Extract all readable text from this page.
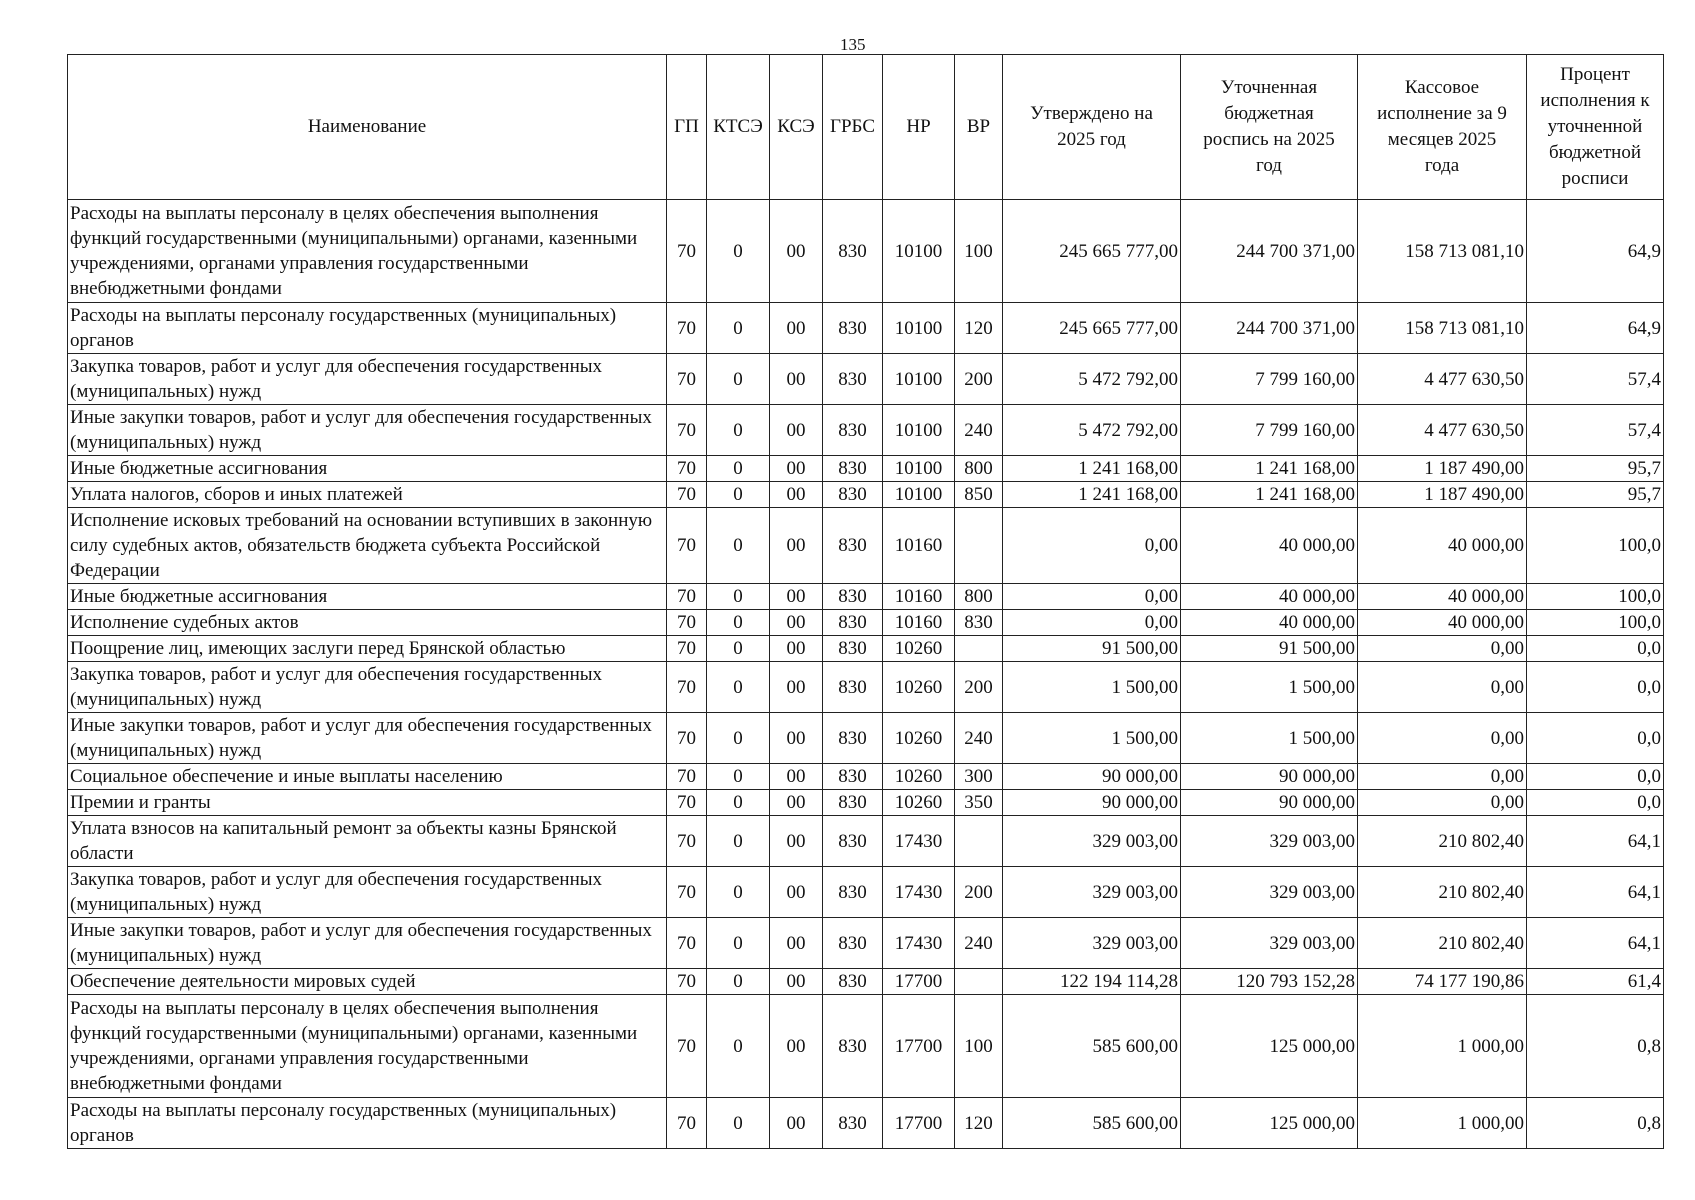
135
Наименование	ГП	КТСЭ	КСЭ	ГРБС	НР	ВР	Утверждено на 2025 год	Уточненная бюджетная роспись на 2025 год	Кассовое исполнение за 9 месяцев 2025 года	Процент исполнения к уточненной бюджетной росписи
Расходы на выплаты персоналу в целях обеспечения выполнения функций государственными (муниципальными) органами, казенными учреждениями, органами управления государственными внебюджетными фондами	70	0	00	830	10100	100	245 665 777,00	244 700 371,00	158 713 081,10	64,9
Расходы на выплаты персоналу государственных (муниципальных) органов	70	0	00	830	10100	120	245 665 777,00	244 700 371,00	158 713 081,10	64,9
Закупка товаров, работ и услуг для обеспечения государственных (муниципальных) нужд	70	0	00	830	10100	200	5 472 792,00	7 799 160,00	4 477 630,50	57,4
Иные закупки товаров, работ и услуг для обеспечения государственных (муниципальных) нужд	70	0	00	830	10100	240	5 472 792,00	7 799 160,00	4 477 630,50	57,4
Иные бюджетные ассигнования	70	0	00	830	10100	800	1 241 168,00	1 241 168,00	1 187 490,00	95,7
Уплата налогов, сборов и иных платежей	70	0	00	830	10100	850	1 241 168,00	1 241 168,00	1 187 490,00	95,7
Исполнение исковых требований на основании вступивших в законную силу судебных актов, обязательств бюджета субъекта Российской Федерации	70	0	00	830	10160		0,00	40 000,00	40 000,00	100,0
Иные бюджетные ассигнования	70	0	00	830	10160	800	0,00	40 000,00	40 000,00	100,0
Исполнение судебных актов	70	0	00	830	10160	830	0,00	40 000,00	40 000,00	100,0
Поощрение лиц, имеющих заслуги перед Брянской областью	70	0	00	830	10260		91 500,00	91 500,00	0,00	0,0
Закупка товаров, работ и услуг для обеспечения государственных (муниципальных) нужд	70	0	00	830	10260	200	1 500,00	1 500,00	0,00	0,0
Иные закупки товаров, работ и услуг для обеспечения государственных (муниципальных) нужд	70	0	00	830	10260	240	1 500,00	1 500,00	0,00	0,0
Социальное обеспечение и иные выплаты населению	70	0	00	830	10260	300	90 000,00	90 000,00	0,00	0,0
Премии и гранты	70	0	00	830	10260	350	90 000,00	90 000,00	0,00	0,0
Уплата взносов на капитальный ремонт за объекты казны Брянской области	70	0	00	830	17430		329 003,00	329 003,00	210 802,40	64,1
Закупка товаров, работ и услуг для обеспечения государственных (муниципальных) нужд	70	0	00	830	17430	200	329 003,00	329 003,00	210 802,40	64,1
Иные закупки товаров, работ и услуг для обеспечения государственных (муниципальных) нужд	70	0	00	830	17430	240	329 003,00	329 003,00	210 802,40	64,1
Обеспечение деятельности мировых судей	70	0	00	830	17700		122 194 114,28	120 793 152,28	74 177 190,86	61,4
Расходы на выплаты персоналу в целях обеспечения выполнения функций государственными (муниципальными) органами, казенными учреждениями, органами управления государственными внебюджетными фондами	70	0	00	830	17700	100	585 600,00	125 000,00	1 000,00	0,8
Расходы на выплаты персоналу государственных (муниципальных) органов	70	0	00	830	17700	120	585 600,00	125 000,00	1 000,00	0,8
